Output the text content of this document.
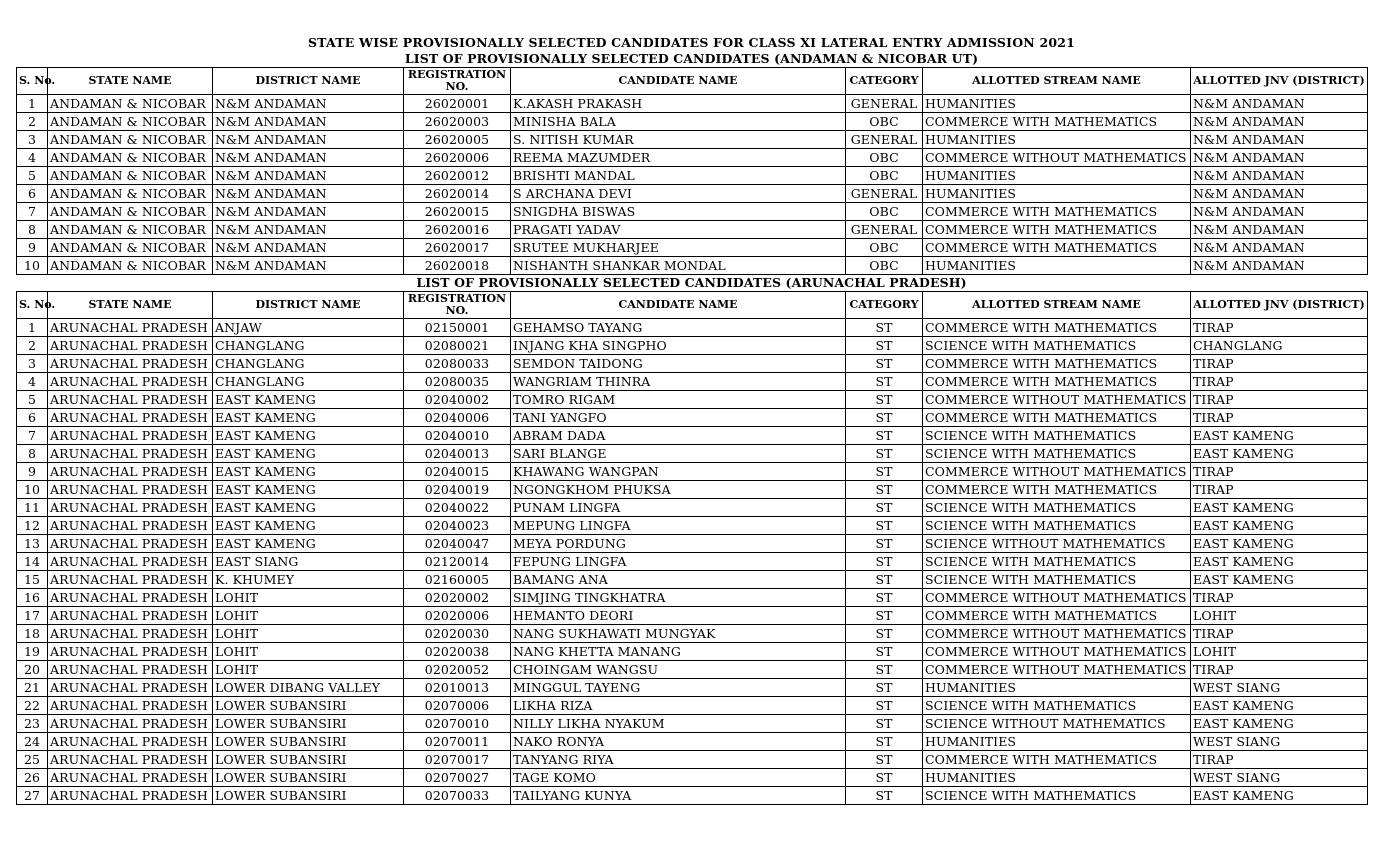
STATE WISE PROVISIONALLY SELECTED CANDIDATES FOR CLASS XI LATERAL ENTRY ADMISSION 2021
LIST OF PROVISIONALLY SELECTED CANDIDATES (ANDAMAN & NICOBAR UT)
S. No.	STATE NAME	DISTRICT NAME	REGISTRATION NO.	CANDIDATE NAME	CATEGORY	ALLOTTED STREAM NAME	ALLOTTED JNV (DISTRICT)
1	ANDAMAN & NICOBAR	N&M ANDAMAN	26020001	K.AKASH PRAKASH	GENERAL	HUMANITIES	N&M ANDAMAN
2	ANDAMAN & NICOBAR	N&M ANDAMAN	26020003	MINISHA BALA	OBC	COMMERCE WITH MATHEMATICS	N&M ANDAMAN
3	ANDAMAN & NICOBAR	N&M ANDAMAN	26020005	S. NITISH KUMAR	GENERAL	HUMANITIES	N&M ANDAMAN
4	ANDAMAN & NICOBAR	N&M ANDAMAN	26020006	REEMA MAZUMDER	OBC	COMMERCE WITHOUT MATHEMATICS	N&M ANDAMAN
5	ANDAMAN & NICOBAR	N&M ANDAMAN	26020012	BRISHTI MANDAL	OBC	HUMANITIES	N&M ANDAMAN
6	ANDAMAN & NICOBAR	N&M ANDAMAN	26020014	S ARCHANA DEVI	GENERAL	HUMANITIES	N&M ANDAMAN
7	ANDAMAN & NICOBAR	N&M ANDAMAN	26020015	SNIGDHA BISWAS	OBC	COMMERCE WITH MATHEMATICS	N&M ANDAMAN
8	ANDAMAN & NICOBAR	N&M ANDAMAN	26020016	PRAGATI YADAV	GENERAL	COMMERCE WITH MATHEMATICS	N&M ANDAMAN
9	ANDAMAN & NICOBAR	N&M ANDAMAN	26020017	SRUTEE MUKHARJEE	OBC	COMMERCE WITH MATHEMATICS	N&M ANDAMAN
10	ANDAMAN & NICOBAR	N&M ANDAMAN	26020018	NISHANTH SHANKAR MONDAL	OBC	HUMANITIES	N&M ANDAMAN
LIST OF PROVISIONALLY SELECTED CANDIDATES (ARUNACHAL PRADESH)
S. No.	STATE NAME	DISTRICT NAME	REGISTRATION NO.	CANDIDATE NAME	CATEGORY	ALLOTTED STREAM NAME	ALLOTTED JNV (DISTRICT)
1	ARUNACHAL PRADESH	ANJAW	02150001	GEHAMSO TAYANG	ST	COMMERCE WITH MATHEMATICS	TIRAP
2	ARUNACHAL PRADESH	CHANGLANG	02080021	INJANG KHA SINGPHO	ST	SCIENCE WITH MATHEMATICS	CHANGLANG
3	ARUNACHAL PRADESH	CHANGLANG	02080033	SEMDON TAIDONG	ST	COMMERCE WITH MATHEMATICS	TIRAP
4	ARUNACHAL PRADESH	CHANGLANG	02080035	WANGRIAM THINRA	ST	COMMERCE WITH MATHEMATICS	TIRAP
5	ARUNACHAL PRADESH	EAST KAMENG	02040002	TOMRO RIGAM	ST	COMMERCE WITHOUT MATHEMATICS	TIRAP
6	ARUNACHAL PRADESH	EAST KAMENG	02040006	TANI YANGFO	ST	COMMERCE WITH MATHEMATICS	TIRAP
7	ARUNACHAL PRADESH	EAST KAMENG	02040010	ABRAM DADA	ST	SCIENCE WITH MATHEMATICS	EAST KAMENG
8	ARUNACHAL PRADESH	EAST KAMENG	02040013	SARI BLANGE	ST	SCIENCE WITH MATHEMATICS	EAST KAMENG
9	ARUNACHAL PRADESH	EAST KAMENG	02040015	KHAWANG WANGPAN	ST	COMMERCE WITHOUT MATHEMATICS	TIRAP
10	ARUNACHAL PRADESH	EAST KAMENG	02040019	NGONGKHOM PHUKSA	ST	COMMERCE WITH MATHEMATICS	TIRAP
11	ARUNACHAL PRADESH	EAST KAMENG	02040022	PUNAM LINGFA	ST	SCIENCE WITH MATHEMATICS	EAST KAMENG
12	ARUNACHAL PRADESH	EAST KAMENG	02040023	MEPUNG LINGFA	ST	SCIENCE WITH MATHEMATICS	EAST KAMENG
13	ARUNACHAL PRADESH	EAST KAMENG	02040047	MEYA PORDUNG	ST	SCIENCE WITHOUT MATHEMATICS	EAST KAMENG
14	ARUNACHAL PRADESH	EAST SIANG	02120014	FEPUNG LINGFA	ST	SCIENCE WITH MATHEMATICS	EAST KAMENG
15	ARUNACHAL PRADESH	K. KHUMEY	02160005	BAMANG ANA	ST	SCIENCE WITH MATHEMATICS	EAST KAMENG
16	ARUNACHAL PRADESH	LOHIT	02020002	SIMJING TINGKHATRA	ST	COMMERCE WITHOUT MATHEMATICS	TIRAP
17	ARUNACHAL PRADESH	LOHIT	02020006	HEMANTO DEORI	ST	COMMERCE WITH MATHEMATICS	LOHIT
18	ARUNACHAL PRADESH	LOHIT	02020030	NANG SUKHAWATI MUNGYAK	ST	COMMERCE WITHOUT MATHEMATICS	TIRAP
19	ARUNACHAL PRADESH	LOHIT	02020038	NANG KHETTA MANANG	ST	COMMERCE WITHOUT MATHEMATICS	LOHIT
20	ARUNACHAL PRADESH	LOHIT	02020052	CHOINGAM WANGSU	ST	COMMERCE WITHOUT MATHEMATICS	TIRAP
21	ARUNACHAL PRADESH	LOWER DIBANG VALLEY	02010013	MINGGUL TAYENG	ST	HUMANITIES	WEST SIANG
22	ARUNACHAL PRADESH	LOWER SUBANSIRI	02070006	LIKHA RIZA	ST	SCIENCE WITH MATHEMATICS	EAST KAMENG
23	ARUNACHAL PRADESH	LOWER SUBANSIRI	02070010	NILLY LIKHA NYAKUM	ST	SCIENCE WITHOUT MATHEMATICS	EAST KAMENG
24	ARUNACHAL PRADESH	LOWER SUBANSIRI	02070011	NAKO RONYA	ST	HUMANITIES	WEST SIANG
25	ARUNACHAL PRADESH	LOWER SUBANSIRI	02070017	TANYANG RIYA	ST	COMMERCE WITH MATHEMATICS	TIRAP
26	ARUNACHAL PRADESH	LOWER SUBANSIRI	02070027	TAGE KOMO	ST	HUMANITIES	WEST SIANG
27	ARUNACHAL PRADESH	LOWER SUBANSIRI	02070033	TAILYANG KUNYA	ST	SCIENCE WITH MATHEMATICS	EAST KAMENG
